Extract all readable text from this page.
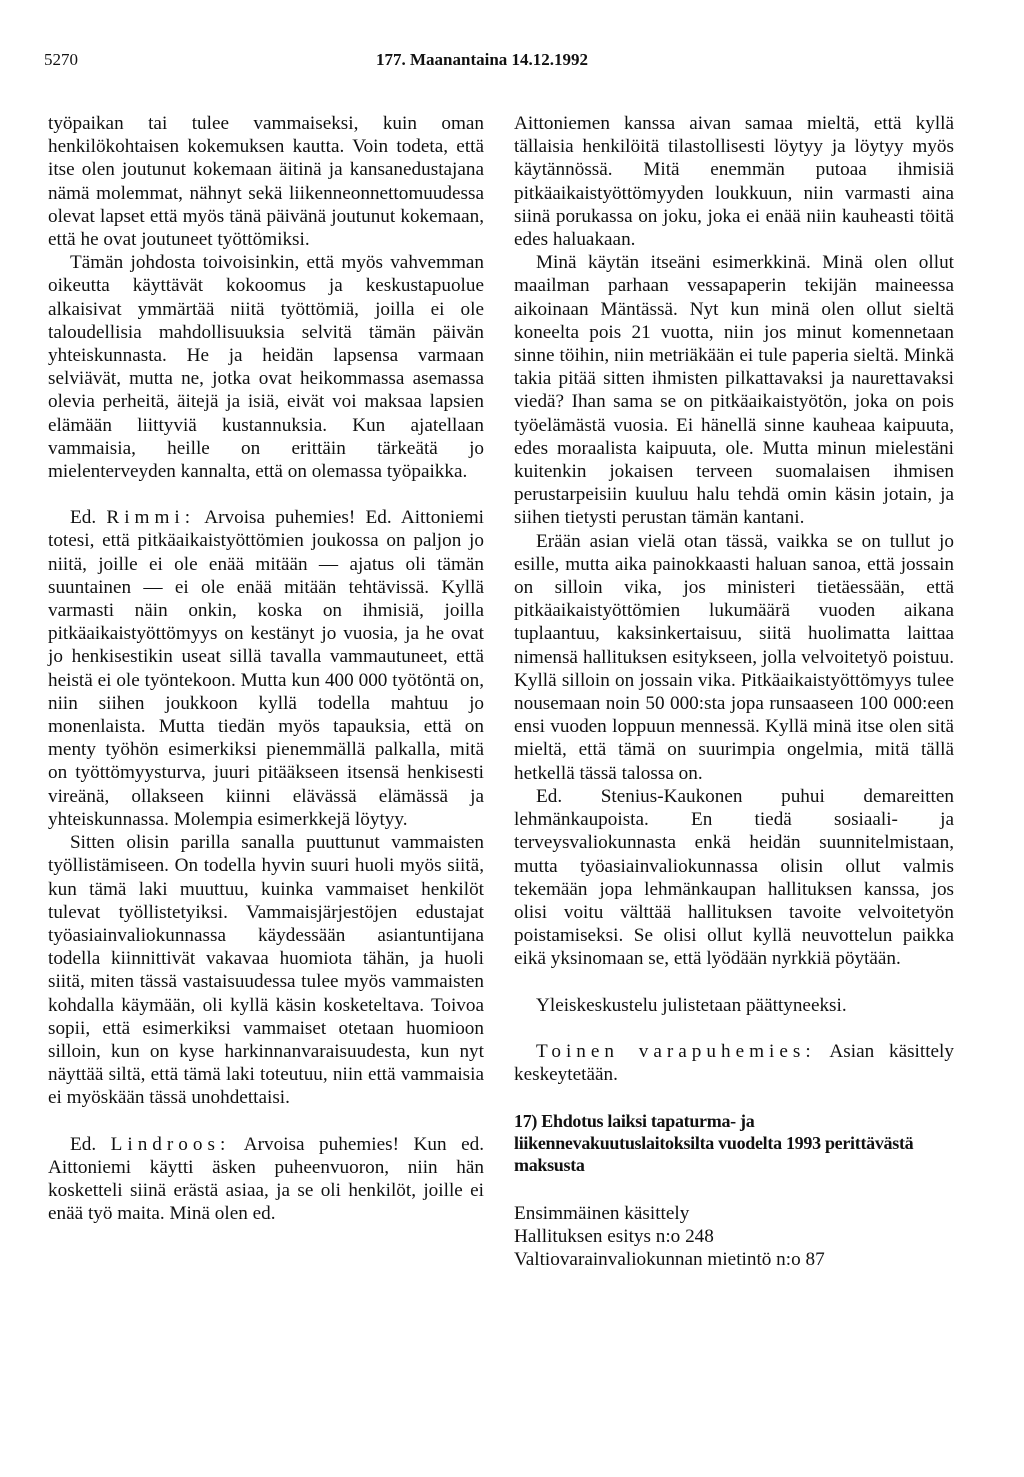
5270	177. Maanantaina 14.12.1992

työpaikan tai tulee vammaiseksi, kuin oman henkilökohtaisen kokemuksen kautta. Voin todeta, että itse olen joutunut kokemaan äitinä ja kansanedustajana nämä molemmat, nähnyt sekä liikenneonnettomuudessa olevat lapset että myös tänä päivänä joutunut kokemaan, että he ovat joutuneet työttömiksi.

Tämän johdosta toivoisinkin, että myös vahvemman oikeutta käyttävät kokoomus ja keskustapuolue alkaisivat ymmärtää niitä työttömiä, joilla ei ole taloudellisia mahdollisuuksia selvitä tämän päivän yhteiskunnasta. He ja heidän lapsensa varmaan selviävät, mutta ne, jotka ovat heikommassa asemassa olevia perheitä, äitejä ja isiä, eivät voi maksaa lapsien elämään liittyviä kustannuksia. Kun ajatellaan vammaisia, heille on erittäin tärkeätä jo mielenterveyden kannalta, että on olemassa työpaikka.

Ed. Rimmi: Arvoisa puhemies! Ed. Aittoniemi totesi, että pitkäaikaistyöttömien joukossa on paljon jo niitä, joille ei ole enää mitään — ajatus oli tämän suuntainen — ei ole enää mitään tehtävissä. Kyllä varmasti näin onkin, koska on ihmisiä, joilla pitkäaikaistyöttömyys on kestänyt jo vuosia, ja he ovat jo henkisestikin useat sillä tavalla vammautuneet, että heistä ei ole työntekoon. Mutta kun 400 000 työtöntä on, niin siihen joukkoon kyllä todella mahtuu jo monenlaista. Mutta tiedän myös tapauksia, että on menty työhön esimerkiksi pienemmällä palkalla, mitä on työttömyysturva, juuri pitääkseen itsensä henkisesti vireänä, ollakseen kiinni elävässä elämässä ja yhteiskunnassa. Molempia esimerkkejä löytyy.

Sitten olisin parilla sanalla puuttunut vammaisten työllistämiseen. On todella hyvin suuri huoli myös siitä, kun tämä laki muuttuu, kuinka vammaiset henkilöt tulevat työllistetyiksi. Vammaisjärjestöjen edustajat työasiainvaliokunnassa käydessään asiantuntijana todella kiinnittivät vakavaa huomiota tähän, ja huoli siitä, miten tässä vastaisuudessa tulee myös vammaisten kohdalla käymään, oli kyllä käsin kosketeltava. Toivoa sopii, että esimerkiksi vammaiset otetaan huomioon silloin, kun on kyse harkinnanvaraisuudesta, kun nyt näyttää siltä, että tämä laki toteutuu, niin että vammaisia ei myöskään tässä unohdettaisi.

Ed. Lindroos: Arvoisa puhemies! Kun ed. Aittoniemi käytti äsken puheenvuoron, niin hän kosketteli siinä erästä asiaa, ja se oli henkilöt, joille ei enää työ maita. Minä olen ed.

Aittoniemen kanssa aivan samaa mieltä, että kyllä tällaisia henkilöitä tilastollisesti löytyy ja löytyy myös käytännössä. Mitä enemmän putoaa ihmisiä pitkäaikaistyöttömyyden loukkuun, niin varmasti aina siinä porukassa on joku, joka ei enää niin kauheasti töitä edes haluakaan.

Minä käytän itseäni esimerkkinä. Minä olen ollut maailman parhaan vessapaperin tekijän maineessa aikoinaan Mäntässä. Nyt kun minä olen ollut sieltä koneelta pois 21 vuotta, niin jos minut komennetaan sinne töihin, niin metriäkään ei tule paperia sieltä. Minkä takia pitää sitten ihmisten pilkattavaksi ja naurettavaksi viedä? Ihan sama se on pitkäaikaistyötön, joka on pois työelämästä vuosia. Ei hänellä sinne kauheaa kaipuuta, edes moraalista kaipuuta, ole. Mutta minun mielestäni kuitenkin jokaisen terveen suomalaisen ihmisen perustarpeisiin kuuluu halu tehdä omin käsin jotain, ja siihen tietysti perustan tämän kantani.

Erään asian vielä otan tässä, vaikka se on tullut jo esille, mutta aika painokkaasti haluan sanoa, että jossain on silloin vika, jos ministeri tietäessään, että pitkäaikaistyöttömien lukumäärä vuoden aikana tuplaantuu, kaksinkertaisuu, siitä huolimatta laittaa nimensä hallituksen esitykseen, jolla velvoitetyö poistuu. Kyllä silloin on jossain vika. Pitkäaikaistyöttömyys tulee nousemaan noin 50 000:sta jopa runsaaseen 100 000:een ensi vuoden loppuun mennessä. Kyllä minä itse olen sitä mieltä, että tämä on suurimpia ongelmia, mitä tällä hetkellä tässä talossa on.

Ed. Stenius-Kaukonen puhui demareitten lehmänkaupoista. En tiedä sosiaali- ja terveysvaliokunnasta enkä heidän suunnitelmistaan, mutta työasiainvaliokunnassa olisin ollut valmis tekemään jopa lehmänkaupan hallituksen kanssa, jos olisi voitu välttää hallituksen tavoite velvoitetyön poistamiseksi. Se olisi ollut kyllä neuvottelun paikka eikä yksinomaan se, että lyödään nyrkkiä pöytään.

Yleiskeskustelu julistetaan päättyneeksi.

Toinen varapuhemies: Asian käsittely keskeytetään.

17) Ehdotus laiksi tapaturma- ja liikennevakuutuslaitoksilta vuodelta 1993 perittävästä maksusta
Ensimmäinen käsittely
Hallituksen esitys n:o 248
Valtiovarainvaliokunnan mietintö n:o 87
